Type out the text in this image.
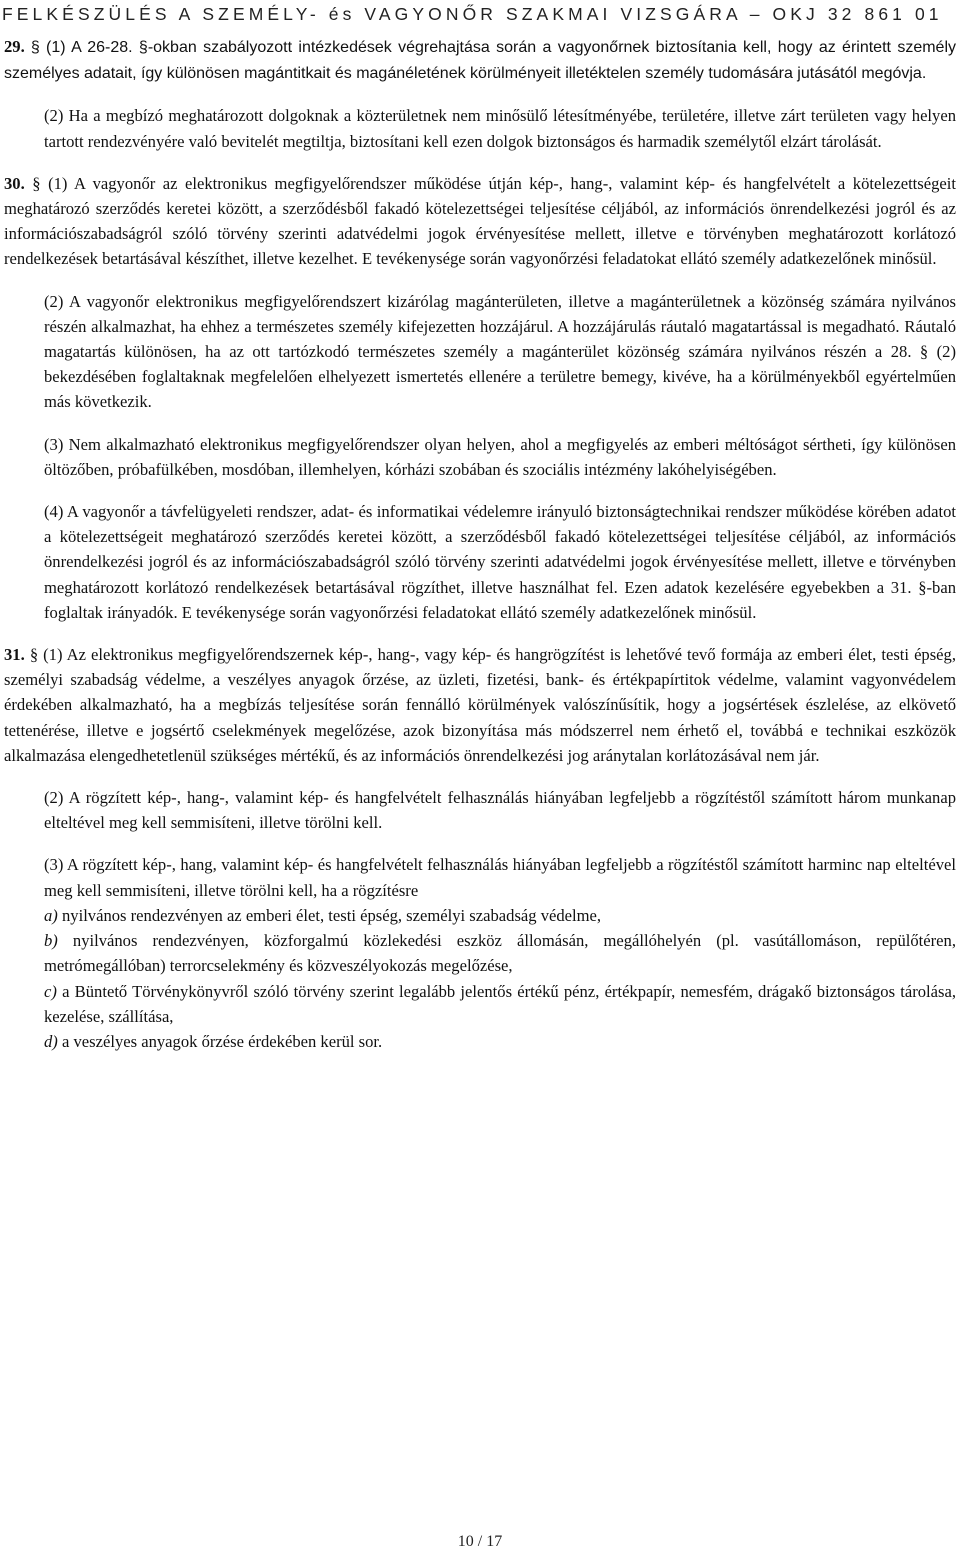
FELKÉSZÜLÉS A SZEMÉLY- és VAGYONŐR SZAKMAI VIZSGÁRA – OKJ 32 861 01

29. § (1) A 26-28. §-okban szabályozott intézkedések végrehajtása során a vagyonőrnek biztosítania kell, hogy az érintett személy személyes adatait, így különösen magántitkait és magánéletének körülményeit illetéktelen személy tudomására jutásától megóvja.

(2) Ha a megbízó meghatározott dolgoknak a közterületnek nem minősülő létesítményébe, területére, illetve zárt területen vagy helyen tartott rendezvényére való bevitelét megtiltja, biztosítani kell ezen dolgok biztonságos és harmadik személytől elzárt tárolását.

30. § (1) A vagyonőr az elektronikus megfigyelőrendszer működése útján kép-, hang-, valamint kép- és hangfelvételt a kötelezettségeit meghatározó szerződés keretei között, a szerződésből fakadó kötelezettségei teljesítése céljából, az információs önrendelkezési jogról és az információszabadságról szóló törvény szerinti adatvédelmi jogok érvényesítése mellett, illetve e törvényben meghatározott korlátozó rendelkezések betartásával készíthet, illetve kezelhet. E tevékenysége során vagyonőrzési feladatokat ellátó személy adatkezelőnek minősül.

(2) A vagyonőr elektronikus megfigyelőrendszert kizárólag magánterületen, illetve a magánterületnek a közönség számára nyilvános részén alkalmazhat, ha ehhez a természetes személy kifejezetten hozzájárul. A hozzájárulás ráutaló magatartással is megadható. Ráutaló magatartás különösen, ha az ott tartózkodó természetes személy a magánterület közönség számára nyilvános részén a 28. § (2) bekezdésében foglaltaknak megfelelően elhelyezett ismertetés ellenére a területre bemegy, kivéve, ha a körülményekből egyértelműen más következik.

(3) Nem alkalmazható elektronikus megfigyelőrendszer olyan helyen, ahol a megfigyelés az emberi méltóságot sértheti, így különösen öltözőben, próbafülkében, mosdóban, illemhelyen, kórházi szobában és szociális intézmény lakóhelyiségében.

(4) A vagyonőr a távfelügyeleti rendszer, adat- és informatikai védelemre irányuló biztonságtechnikai rendszer működése körében adatot a kötelezettségeit meghatározó szerződés keretei között, a szerződésből fakadó kötelezettségei teljesítése céljából, az információs önrendelkezési jogról és az információszabadságról szóló törvény szerinti adatvédelmi jogok érvényesítése mellett, illetve e törvényben meghatározott korlátozó rendelkezések betartásával rögzíthet, illetve használhat fel. Ezen adatok kezelésére egyebekben a 31. §-ban foglaltak irányadók. E tevékenysége során vagyonőrzési feladatokat ellátó személy adatkezelőnek minősül.

31. § (1) Az elektronikus megfigyelőrendszernek kép-, hang-, vagy kép- és hangrögzítést is lehetővé tevő formája az emberi élet, testi épség, személyi szabadság védelme, a veszélyes anyagok őrzése, az üzleti, fizetési, bank- és értékpapírtitok védelme, valamint vagyonvédelem érdekében alkalmazható, ha a megbízás teljesítése során fennálló körülmények valószínűsítik, hogy a jogsértések észlelése, az elkövető tettenérése, illetve e jogsértő cselekmények megelőzése, azok bizonyítása más módszerrel nem érhető el, továbbá e technikai eszközök alkalmazása elengedhetetlenül szükséges mértékű, és az információs önrendelkezési jog aránytalan korlátozásával nem jár.

(2) A rögzített kép-, hang-, valamint kép- és hangfelvételt felhasználás hiányában legfeljebb a rögzítéstől számított három munkanap elteltével meg kell semmisíteni, illetve törölni kell.

(3) A rögzített kép-, hang, valamint kép- és hangfelvételt felhasználás hiányában legfeljebb a rögzítéstől számított harminc nap elteltével meg kell semmisíteni, illetve törölni kell, ha a rögzítésre

a) nyilvános rendezvényen az emberi élet, testi épség, személyi szabadság védelme,

b) nyilvános rendezvényen, közforgalmú közlekedési eszköz állomásán, megállóhelyén (pl. vasútállomáson, repülőtéren, metrómegállóban) terrorcselekmény és közveszélyokozás megelőzése,

c) a Büntető Törvénykönyvről szóló törvény szerint legalább jelentős értékű pénz, értékpapír, nemesfém, drágakő biztonságos tárolása, kezelése, szállítása,

d) a veszélyes anyagok őrzése érdekében kerül sor.

10 / 17
